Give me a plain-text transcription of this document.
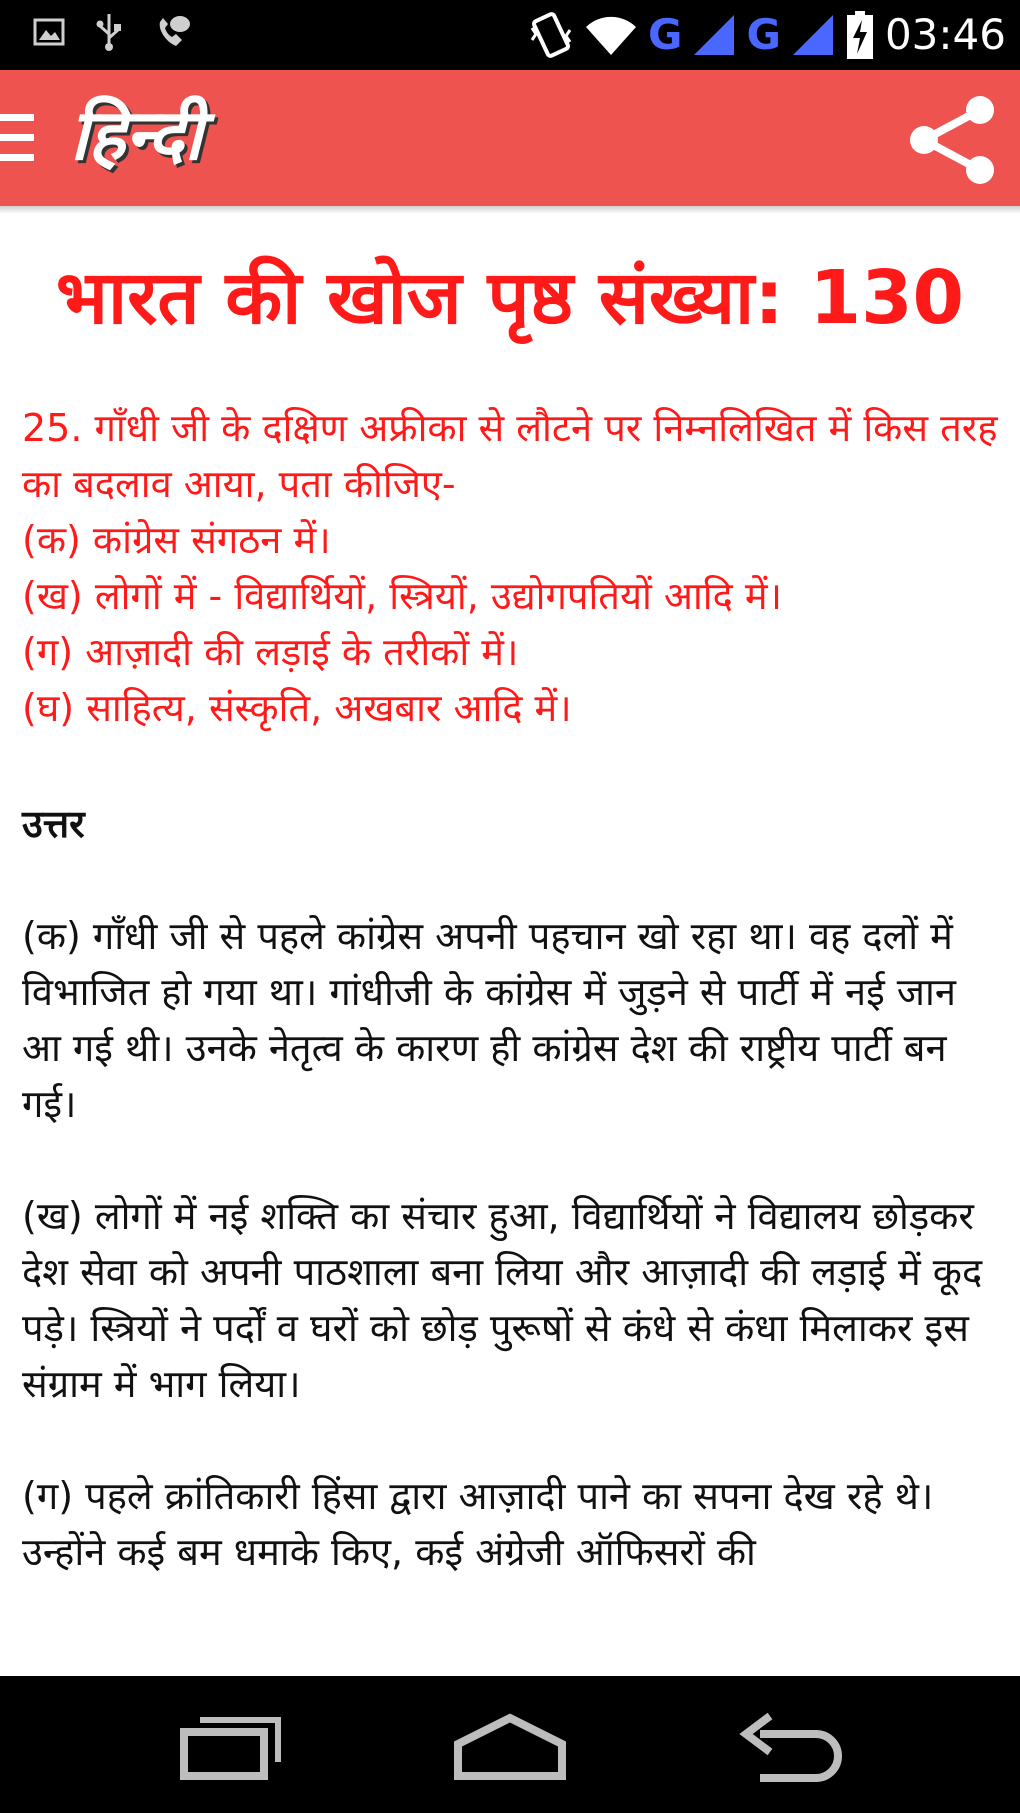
G G 03:46
हिन्दी
भारत की खोज पृष्ठ संख्या: 130

25. गाँधी जी के दक्षिण अफ्रीका से लौटने पर निम्नलिखित में किस तरह का बदलाव आया, पता कीजिए-

(क) कांग्रेस संगठन में।

(ख) लोगों में - विद्यार्थियों, स्त्रियों, उद्योगपतियों आदि में।

(ग) आज़ादी की लड़ाई के तरीकों में।

(घ) साहित्य, संस्कृति, अखबार आदि में।

उत्तर
(क) गाँधी जी से पहले कांग्रेस अपनी पहचान खो रहा था। वह दलों में विभाजित हो गया था। गांधीजी के कांग्रेस में जुड़ने से पार्टी में नई जान आ गई थी। उनके नेतृत्व के कारण ही कांग्रेस देश की राष्ट्रीय पार्टी बन गई।
(ख) लोगों में नई शक्ति का संचार हुआ, विद्यार्थियों ने विद्यालय छोड़कर देश सेवा को अपनी पाठशाला बना लिया और आज़ादी की लड़ाई में कूद पड़े। स्त्रियों ने पर्दों व घरों को छोड़ पुरूषों से कंधे से कंधा मिलाकर इस संग्राम में भाग लिया।
(ग) पहले क्रांतिकारी हिंसा द्वारा आज़ादी पाने का सपना देख रहे थे। उन्होंने कई बम धमाके किए, कई अंग्रेजी ऑफिसरों की
